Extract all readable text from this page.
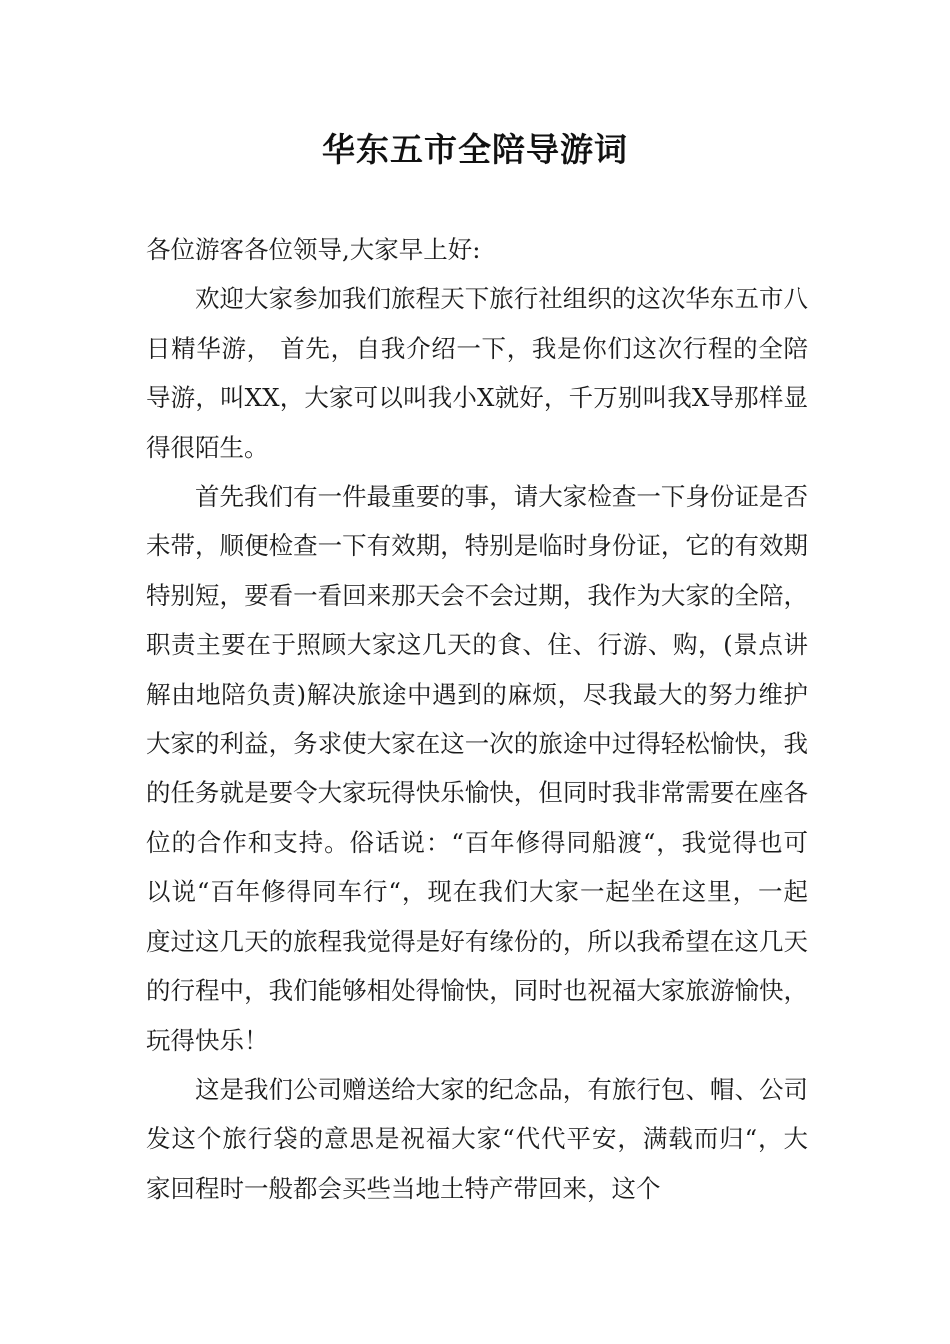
华东五市全陪导游词

各位游客各位领导,大家早上好:

欢迎大家参加我们旅程天下旅行社组织的这次华东五市八日精华游， 首先，自我介绍一下，我是你们这次行程的全陪导游，叫XX，大家可以叫我小X就好，千万别叫我X导那样显得很陌生。

首先我们有一件最重要的事，请大家检查一下身份证是否未带，顺便检查一下有效期，特别是临时身份证，它的有效期特别短，要看一看回来那天会不会过期，我作为大家的全陪，职责主要在于照顾大家这几天的食、住、行游、购，(景点讲解由地陪负责)解决旅途中遇到的麻烦，尽我最大的努力维护大家的利益，务求使大家在这一次的旅途中过得轻松愉快，我的任务就是要令大家玩得快乐愉快，但同时我非常需要在座各位的合作和支持。俗话说：“百年修得同船渡“，我觉得也可以说“百年修得同车行“，现在我们大家一起坐在这里，一起度过这几天的旅程我觉得是好有缘份的，所以我希望在这几天的行程中，我们能够相处得愉快，同时也祝福大家旅游愉快，玩得快乐！

这是我们公司赠送给大家的纪念品，有旅行包、帽、公司发这个旅行袋的意思是祝福大家“代代平安，满载而归“，大家回程时一般都会买些当地土特产带回来，这个
